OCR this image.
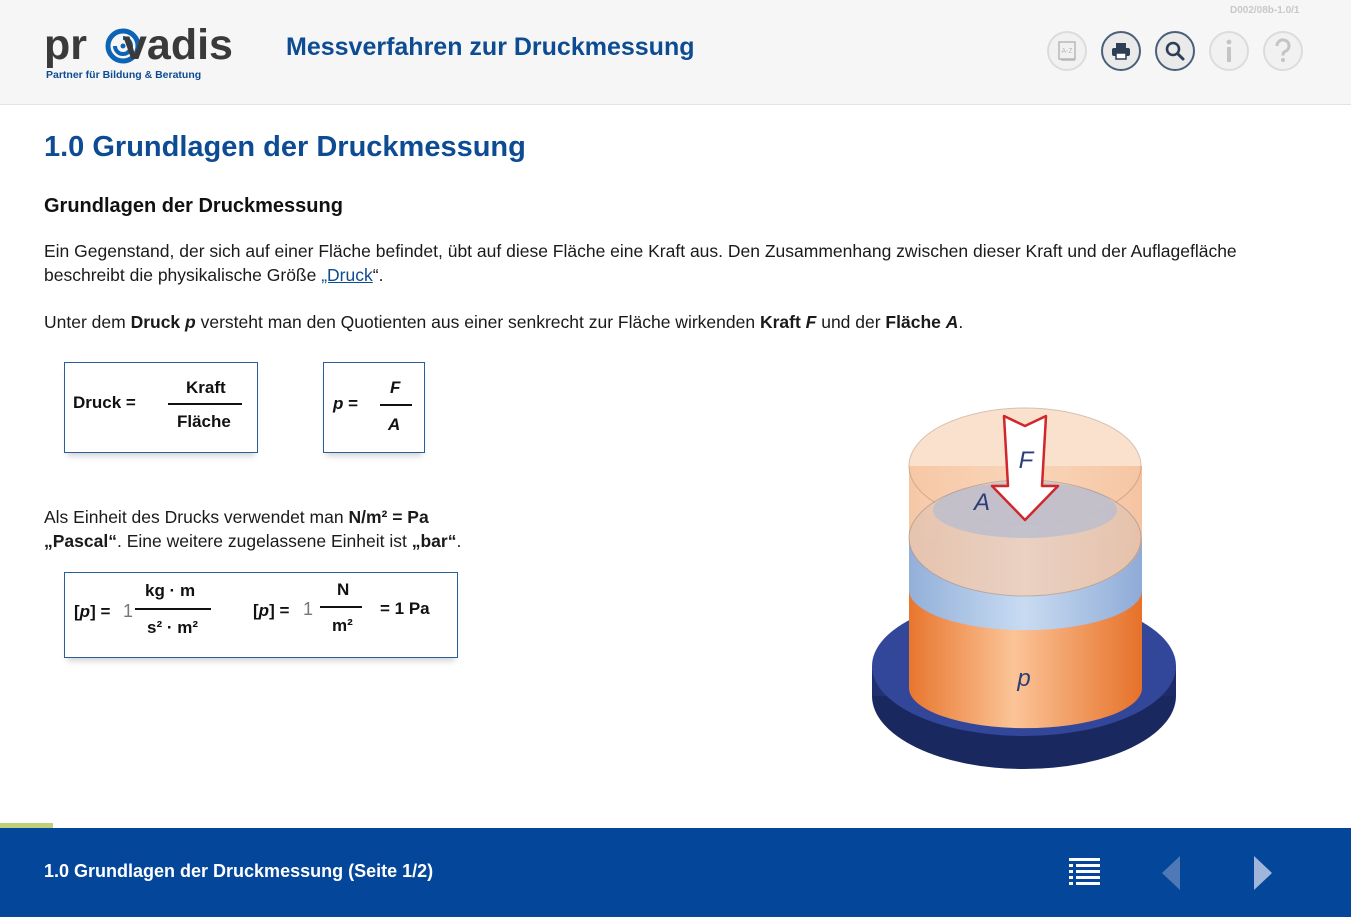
pr vadis
Partner für Bildung & Beratung
Messverfahren zur Druckmessung
D002/08b-1.0/1
A-Z
1.0 Grundlagen der Druckmessung
Grundlagen der Druckmessung
Ein Gegenstand, der sich auf einer Fläche befindet, übt auf diese Fläche eine Kraft aus. Den Zusammenhang zwischen dieser Kraft und der Auflagefläche beschreibt die physikalische Größe „Druck“.
Unter dem Druck p versteht man den Quotienten aus einer senkrecht zur Fläche wirkenden Kraft F und der Fläche A.
Druck =
Kraft
Fläche
p =
F
A
Als Einheit des Drucks verwendet man N/m² = Pa
„Pascal“. Eine weitere zugelassene Einheit ist „bar“.
[p] = 1
kg · m
s² · m²
[p] = 1
N
m²
= 1 Pa
F
A
p
1.0 Grundlagen der Druckmessung (Seite 1/2)
